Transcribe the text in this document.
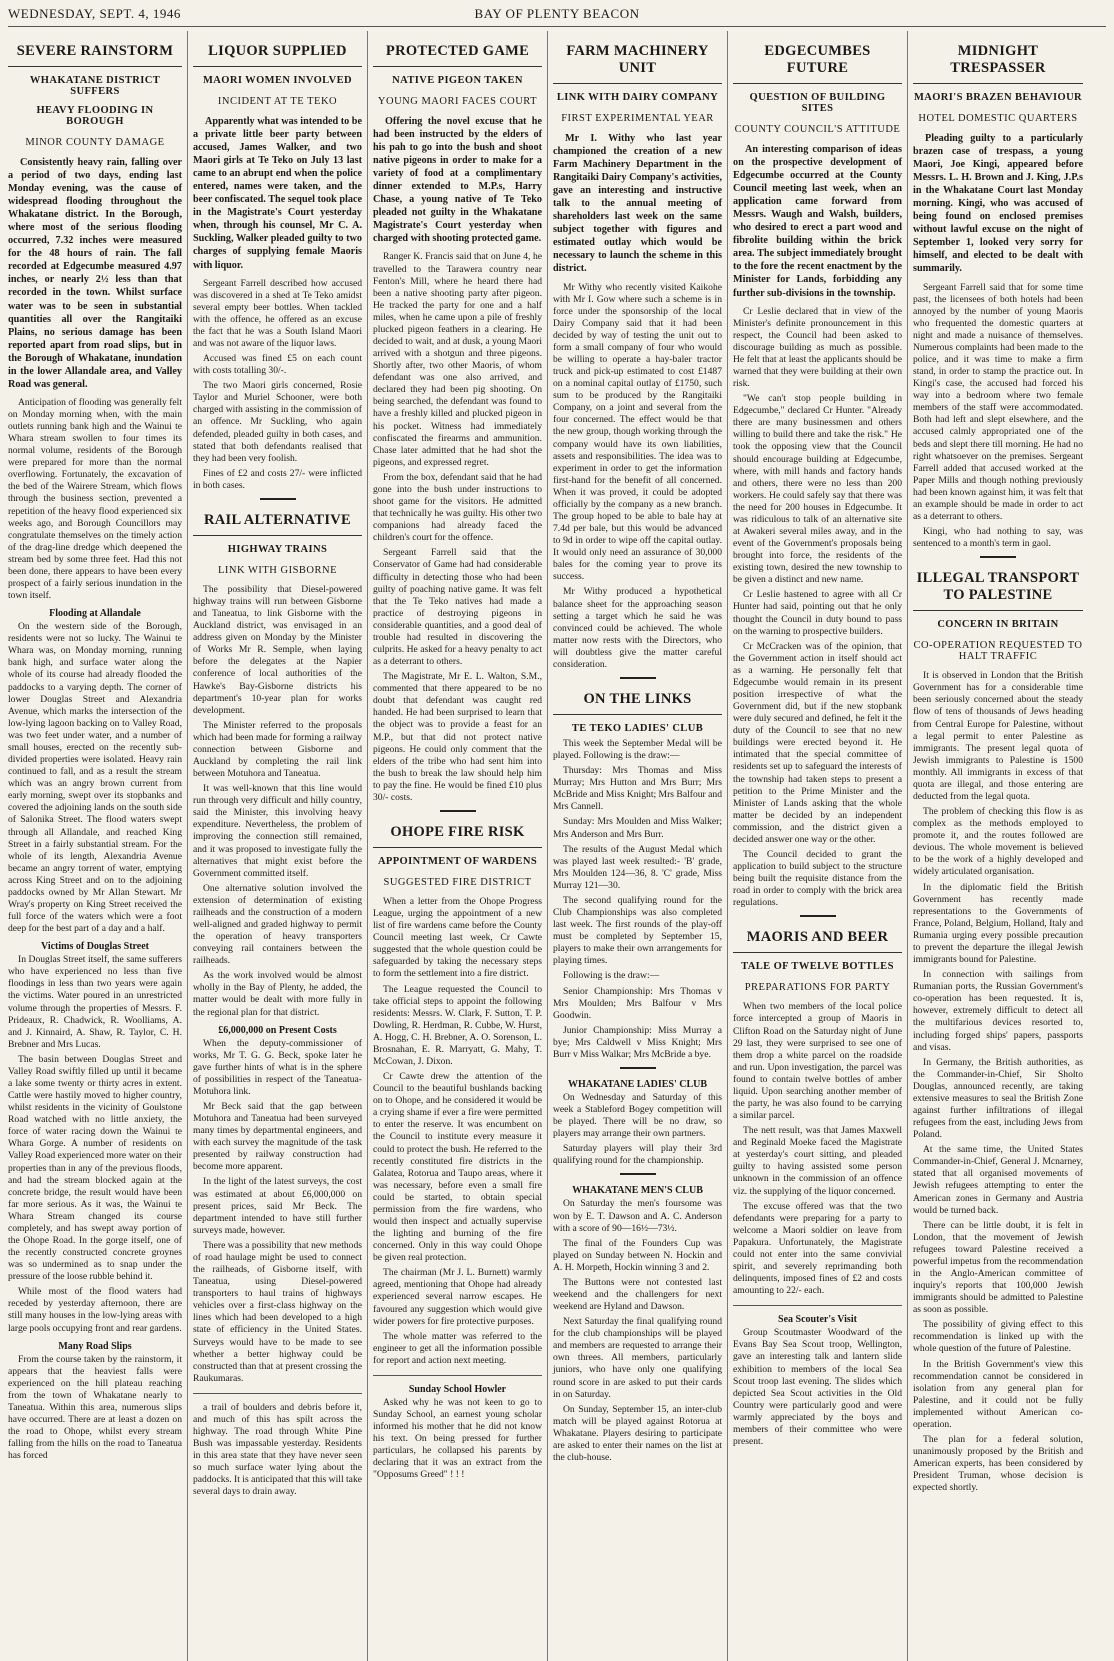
WEDNESDAY, SEPT. 4, 1946	BAY OF PLENTY BEACON
SEVERE RAINSTORM
WHAKATANE DISTRICT SUFFERS
HEAVY FLOODING IN BOROUGH
MINOR COUNTY DAMAGE

Consistently heavy rain, falling over a period of two days, ending last Monday evening, was the cause of widespread flooding throughout the Whakatane district. In the Borough, where most of the serious flooding occurred, 7.32 inches were measured for the 48 hours of rain. The fall recorded at Edgecumbe measured 4.97 inches, or nearly 2½ less than that recorded in the town. Whilst surface water was to be seen in substantial quantities all over the Rangitaiki Plains, no serious damage has been reported apart from road slips, but in the Borough of Whakatane, inundation in the lower Allandale area, and Valley Road was general.

Anticipation of flooding was generally felt on Monday morning when, with the main outlets running bank high and the Wainui te Whara stream swollen to four times its normal volume, residents of the Borough were prepared for more than the normal overflowing. Fortunately, the excavation of the bed of the Wairere Stream, which flows through the business section, prevented a repetition of the heavy flood experienced six weeks ago, and Borough Councillors may congratulate themselves on the timely action of the drag-line dredge which deepened the stream bed by some three feet. Had this not been done, there appears to have been every prospect of a fairly serious inundation in the town itself.

Flooding at Allandale

On the western side of the Borough, residents were not so lucky. The Wainui te Whara was, on Monday morning, running bank high, and surface water along the whole of its course had already flooded the paddocks to a varying depth. The corner of lower Douglas Street and Alexandria Avenue, which marks the intersection of the low-lying lagoon backing on to Valley Road, was two feet under water, and a number of small houses, erected on the recently sub-divided properties were isolated. Heavy rain continued to fall, and as a result the stream which was an angry brown current from early morning, swept over its stopbanks and covered the adjoining lands on the south side of Salonika Street. The flood waters swept through all Allandale, and reached King Street in a fairly substantial stream. For the whole of its length, Alexandria Avenue became an angry torrent of water, emptying across King Street and on to the adjoining paddocks owned by Mr Allan Stewart. Mr Wray's property on King Street received the full force of the waters which were a foot deep for the best part of a day and a half.

Victims of Douglas Street

In Douglas Street itself, the same sufferers who have experienced no less than five floodings in less than two years were again the victims. Water poured in an unrestricted volume through the properties of Messrs. F. Prideaux, R. Chadwick, R. Woolliams, A. and J. Kinnaird, A. Shaw, R. Taylor, C. H. Brebner and Mrs Lucas.

The basin between Douglas Street and Valley Road swiftly filled up until it became a lake some twenty or thirty acres in extent. Cattle were hastily moved to higher country, whilst residents in the vicinity of Goulstone Road watched with no little anxiety, the force of water racing down the Wainui te Whara Gorge. A number of residents on Valley Road experienced more water on their properties than in any of the previous floods, and had the stream blocked again at the concrete bridge, the result would have been far more serious. As it was, the Wainui te Whara Stream changed its course completely, and has swept away portion of the Ohope Road. In the gorge itself, one of the recently constructed concrete groynes was so undermined as to snap under the pressure of the loose rubble behind it.

While most of the flood waters had receded by yesterday afternoon, there are still many houses in the low-lying areas with large pools occupying front and rear gardens.

Many Road Slips

From the course taken by the rainstorm, it appears that the heaviest falls were experienced on the hill plateau reaching from the town of Whakatane nearly to Taneatua. Within this area, numerous slips have occurred. There are at least a dozen on the road to Ohope, whilst every stream falling from the hills on the road to Taneatua has forced

LIQUOR SUPPLIED
MAORI WOMEN INVOLVED
INCIDENT AT TE TEKO

Apparently what was intended to be a private little beer party between accused, James Walker, and two Maori girls at Te Teko on July 13 last came to an abrupt end when the police entered, names were taken, and the beer confiscated. The sequel took place in the Magistrate's Court yesterday when, through his counsel, Mr C. A. Suckling, Walker pleaded guilty to two charges of supplying female Maoris with liquor.

Sergeant Farrell described how accused was discovered in a shed at Te Teko amidst several empty beer bottles. When tackled with the offence, he offered as an excuse the fact that he was a South Island Maori and was not aware of the liquor laws.

Accused was fined £5 on each count with costs totalling 30/-.

The two Maori girls concerned, Rosie Taylor and Muriel Schooner, were both charged with assisting in the commission of an offence. Mr Suckling, who again defended, pleaded guilty in both cases, and stated that both defendants realised that they had been very foolish.

Fines of £2 and costs 27/- were inflicted in both cases.

RAIL ALTERNATIVE
HIGHWAY TRAINS
LINK WITH GISBORNE

The possibility that Diesel-powered highway trains will run between Gisborne and Taneatua, to link Gisborne with the Auckland district, was envisaged in an address given on Monday by the Minister of Works Mr R. Semple, when laying before the delegates at the Napier conference of local authorities of the Hawke's Bay-Gisborne districts his department's 10-year plan for works development.

The Minister referred to the proposals which had been made for forming a railway connection between Gisborne and Auckland by completing the rail link between Motuhora and Taneatua.

It was well-known that this line would run through very difficult and hilly country, said the Minister, this involving heavy expenditure. Nevertheless, the problem of improving the connection still remained, and it was proposed to investigate fully the alternatives that might exist before the Government committed itself.

One alternative solution involved the extension of determination of existing railheads and the construction of a modern well-aligned and graded highway to permit the operation of heavy transporters conveying rail containers between the railheads.

As the work involved would be almost wholly in the Bay of Plenty, he added, the matter would be dealt with more fully in the regional plan for that district.

£6,000,000 on Present Costs

When the deputy-commissioner of works, Mr T. G. G. Beck, spoke later he gave further hints of what is in the sphere of possibilities in respect of the Taneatua-Motuhora link.

Mr Beck said that the gap between Motuhora and Taneatua had been surveyed many times by departmental engineers, and with each survey the magnitude of the task presented by railway construction had become more apparent.

In the light of the latest surveys, the cost was estimated at about £6,000,000 on present prices, said Mr Beck. The department intended to have still further surveys made, however.

There was a possibility that new methods of road haulage might be used to connect the railheads, of Gisborne itself, with Taneatua, using Diesel-powered transporters to haul trains of highways vehicles over a first-class highway on the lines which had been developed to a high state of efficiency in the United States. Surveys would have to be made to see whether a better highway could be constructed than that at present crossing the Raukumaras.

a trail of boulders and debris before it, and much of this has spilt across the highway. The road through White Pine Bush was impassable yesterday. Residents in this area state that they have never seen so much surface water lying about the paddocks. It is anticipated that this will take several days to drain away.

PROTECTED GAME
NATIVE PIGEON TAKEN
YOUNG MAORI FACES COURT

Offering the novel excuse that he had been instructed by the elders of his pah to go into the bush and shoot native pigeons in order to make for a variety of food at a complimentary dinner extended to M.P.s, Harry Chase, a young native of Te Teko pleaded not guilty in the Whakatane Magistrate's Court yesterday when charged with shooting protected game.

Ranger K. Francis said that on June 4, he travelled to the Tarawera country near Fenton's Mill, where he heard there had been a native shooting party after pigeon. He tracked the party for one and a half miles, when he came upon a pile of freshly plucked pigeon feathers in a clearing. He decided to wait, and at dusk, a young Maori arrived with a shotgun and three pigeons. Shortly after, two other Maoris, of whom defendant was one also arrived, and declared they had been pig shooting. On being searched, the defendant was found to have a freshly killed and plucked pigeon in his pocket. Witness had immediately confiscated the firearms and ammunition. Chase later admitted that he had shot the pigeons, and expressed regret.

From the box, defendant said that he had gone into the bush under instructions to shoot game for the visitors. He admitted that technically he was guilty. His other two companions had already faced the children's court for the offence.

Sergeant Farrell said that the Conservator of Game had had considerable difficulty in detecting those who had been guilty of poaching native game. It was felt that the Te Teko natives had made a practice of destroying pigeons in considerable quantities, and a good deal of trouble had resulted in discovering the culprits. He asked for a heavy penalty to act as a deterrant to others.

The Magistrate, Mr E. L. Walton, S.M., commented that there appeared to be no doubt that defendant was caught red handed. He had been surprised to learn that the object was to provide a feast for an M.P., but that did not protect native pigeons. He could only comment that the elders of the tribe who had sent him into the bush to break the law should help him to pay the fine. He would be fined £10 plus 30/- costs.

OHOPE FIRE RISK
APPOINTMENT OF WARDENS
SUGGESTED FIRE DISTRICT

When a letter from the Ohope Progress League, urging the appointment of a new list of fire wardens came before the County Council meeting last week, Cr Cawte suggested that the whole question could be safeguarded by taking the necessary steps to form the settlement into a fire district.

The League requested the Council to take official steps to appoint the following residents: Messrs. W. Clark, F. Sutton, T. P. Dowling, R. Herdman, R. Cubbe, W. Hurst, A. Hogg, C. H. Brebner, A. O. Sorenson, L. Brosnahan, E. R. Marryatt, G. Mahy, T. McCowan, J. Dixon.

Cr Cawte drew the attention of the Council to the beautiful bushlands backing on to Ohope, and he considered it would be a crying shame if ever a fire were permitted to enter the reserve. It was encumbent on the Council to institute every measure it could to protect the bush. He referred to the recently constituted fire districts in the Galatea, Rotorua and Taupo areas, where it was necessary, before even a small fire could be started, to obtain special permission from the fire wardens, who would then inspect and actually supervise the lighting and burning of the fire concerned. Only in this way could Ohope be given real protection.

The chairman (Mr J. L. Burnett) warmly agreed, mentioning that Ohope had already experienced several narrow escapes. He favoured any suggestion which would give wider powers for fire protective purposes.

The whole matter was referred to the engineer to get all the information possible for report and action next meeting.

Sunday School Howler

Asked why he was not keen to go to Sunday School, an earnest young scholar informed his mother that he did not know his text. On being pressed for further particulars, he collapsed his parents by declaring that it was an extract from the "Opposums Greed" ! ! !

FARM MACHINERY UNIT
LINK WITH DAIRY COMPANY
FIRST EXPERIMENTAL YEAR

Mr I. Withy who last year championed the creation of a new Farm Machinery Department in the Rangitaiki Dairy Company's activities, gave an interesting and instructive talk to the annual meeting of shareholders last week on the same subject together with figures and estimated outlay which would be necessary to launch the scheme in this district.

Mr Withy who recently visited Kaikohe with Mr I. Gow where such a scheme is in force under the sponsorship of the local Dairy Company said that it had been decided by way of testing the unit out to form a small company of four who would be willing to operate a hay-baler tractor truck and pick-up estimated to cost £1487 on a nominal capital outlay of £1750, such sum to be produced by the Rangitaiki Company, on a joint and several from the four concerned. The effect would be that the new group, though working through the company would have its own liabilities, assets and responsibilities. The idea was to experiment in order to get the information first-hand for the benefit of all concerned. When it was proved, it could be adopted officially by the company as a new branch. The group hoped to be able to bale hay at 7.4d per bale, but this would be advanced to 9d in order to wipe off the capital outlay. It would only need an assurance of 30,000 bales for the coming year to prove its success.

Mr Withy produced a hypothetical balance sheet for the approaching season setting a target which he said he was convinced could be achieved. The whole matter now rests with the Directors, who will doubtless give the matter careful consideration.

ON THE LINKS
TE TEKO LADIES' CLUB

This week the September Medal will be played. Following is the draw:—

Thursday: Mrs Thomas and Miss Murray; Mrs Hutton and Mrs Burr; Mrs McBride and Miss Knight; Mrs Balfour and Mrs Cannell.

Sunday: Mrs Moulden and Miss Walker; Mrs Anderson and Mrs Burr.

The results of the August Medal which was played last week resulted:- 'B' grade, Mrs Moulden 124—36, 8. 'C' grade, Miss Murray 121—30.

The second qualifying round for the Club Championships was also completed last week. The first rounds of the play-off must be completed by September 15, players to make their own arrangements for playing times.

Following is the draw:—

Senior Championship: Mrs Thomas v Mrs Moulden; Mrs Balfour v Mrs Goodwin.

Junior Championship: Miss Murray a bye; Mrs Caldwell v Miss Knight; Mrs Burr v Miss Walkar; Mrs McBride a bye.

WHAKATANE LADIES' CLUB

On Wednesday and Saturday of this week a Stableford Bogey competition will be played. There will be no draw, so players may arrange their own partners.

Saturday players will play their 3rd qualifying round for the championship.

WHAKATANE MEN'S CLUB

On Saturday the men's foursome was won by E. T. Dawson and A. C. Anderson with a score of 90—16½—73½.

The final of the Founders Cup was played on Sunday between N. Hockin and A. H. Morpeth, Hockin winning 3 and 2.

The Buttons were not contested last weekend and the challengers for next weekend are Hyland and Dawson.

Next Saturday the final qualifying round for the club championships will be played and members are requested to arrange their own threes. All members, particularly juniors, who have only one qualifying round score in are asked to put their cards in on Saturday.

On Sunday, September 15, an inter-club match will be played against Rotorua at Whakatane. Players desiring to participate are asked to enter their names on the list at the club-house.

EDGECUMBES FUTURE
QUESTION OF BUILDING SITES
COUNTY COUNCIL'S ATTITUDE

An interesting comparison of ideas on the prospective development of Edgecumbe occurred at the County Council meeting last week, when an application came forward from Messrs. Waugh and Walsh, builders, who desired to erect a part wood and fibrolite building within the brick area. The subject immediately brought to the fore the recent enactment by the Minister for Lands, forbidding any further sub-divisions in the township.

Cr Leslie declared that in view of the Minister's definite pronouncement in this respect, the Council had been asked to discourage building as much as possible. He felt that at least the applicants should be warned that they were building at their own risk.

"We can't stop people building in Edgecumbe," declared Cr Hunter. "Already there are many businessmen and others willing to build there and take the risk." He took the opposing view that the Council should encourage building at Edgecumbe, where, with mill hands and factory hands and others, there were no less than 200 workers. He could safely say that there was the need for 200 houses in Edgecumbe. It was ridiculous to talk of an alternative site at Awakeri several miles away, and in the event of the Government's proposals being brought into force, the residents of the existing town, desired the new township to be given a distinct and new name.

Cr Leslie hastened to agree with all Cr Hunter had said, pointing out that he only thought the Council in duty bound to pass on the warning to prospective builders.

Cr McCracken was of the opinion, that the Government action in itself should act as a warning. He personally felt that Edgecumbe would remain in its present position irrespective of what the Government did, but if the new stopbank were duly secured and defined, he felt it the duty of the Council to see that no new buildings were erected beyond it. He intimated that the special committee of residents set up to safeguard the interests of the township had taken steps to present a petition to the Prime Minister and the Minister of Lands asking that the whole matter be decided by an independent commission, and the district given a decided answer one way or the other.

The Council decided to grant the application to build subject to the structure being built the requisite distance from the road in order to comply with the brick area regulations.

MAORIS AND BEER
TALE OF TWELVE BOTTLES
PREPARATIONS FOR PARTY

When two members of the local police force intercepted a group of Maoris in Clifton Road on the Saturday night of June 29 last, they were surprised to see one of them drop a white parcel on the roadside and run. Upon investigation, the parcel was found to contain twelve bottles of amber liquid. Upon searching another member of the party, he was also found to be carrying a similar parcel.

The nett result, was that James Maxwell and Reginald Moeke faced the Magistrate at yesterday's court sitting, and pleaded guilty to having assisted some person unknown in the commission of an offence viz. the supplying of the liquor concerned.

The excuse offered was that the two defendants were preparing for a party to welcome a Maori soldier on leave from Papakura. Unfortunately, the Magistrate could not enter into the same convivial spirit, and severely reprimanding both delinquents, imposed fines of £2 and costs amounting to 22/- each.

Sea Scouter's Visit

Group Scoutmaster Woodward of the Evans Bay Sea Scout troop, Wellington, gave an interesting talk and lantern slide exhibition to members of the local Sea Scout troop last evening. The slides which depicted Sea Scout activities in the Old Country were particularly good and were warmly appreciated by the boys and members of their committee who were present.

MIDNIGHT TRESPASSER
MAORI'S BRAZEN BEHAVIOUR
HOTEL DOMESTIC QUARTERS

Pleading guilty to a particularly brazen case of trespass, a young Maori, Joe Kingi, appeared before Messrs. L. H. Brown and J. King, J.P.s in the Whakatane Court last Monday morning. Kingi, who was accused of being found on enclosed premises without lawful excuse on the night of September 1, looked very sorry for himself, and elected to be dealt with summarily.

Sergeant Farrell said that for some time past, the licensees of both hotels had been annoyed by the number of young Maoris who frequented the domestic quarters at night and made a nuisance of themselves. Numerous complaints had been made to the police, and it was time to make a firm stand, in order to stamp the practice out. In Kingi's case, the accused had forced his way into a bedroom where two female members of the staff were accommodated. Both had left and slept elsewhere, and the accused calmly appropriated one of the beds and slept there till morning. He had no right whatsoever on the premises. Sergeant Farrell added that accused worked at the Paper Mills and though nothing previously had been known against him, it was felt that an example should be made in order to act as a deterrant to others.

Kingi, who had nothing to say, was sentenced to a month's term in gaol.

ILLEGAL TRANSPORT TO PALESTINE
CONCERN IN BRITAIN
CO-OPERATION REQUESTED TO HALT TRAFFIC

It is observed in London that the British Government has for a considerable time been seriously concerned about the steady flow of tens of thousands of Jews heading from Central Europe for Palestine, without a legal permit to enter Palestine as immigrants. The present legal quota of Jewish immigrants to Palestine is 1500 monthly. All immigrants in excess of that quota are illegal, and those entering are deducted from the legal quota.

The problem of checking this flow is as complex as the methods employed to promote it, and the routes followed are devious. The whole movement is believed to be the work of a highly developed and widely articulated organisation.

In the diplomatic field the British Government has recently made representations to the Governments of France, Poland, Belgium, Holland, Italy and Rumania urging every possible precaution to prevent the departure the illegal Jewish immigrants bound for Palestine.

In connection with sailings from Rumanian ports, the Russian Government's co-operation has been requested. It is, however, extremely difficult to detect all the multifarious devices resorted to, including forged ships' papers, passports and visas.

In Germany, the British authorities, as the Commander-in-Chief, Sir Sholto Douglas, announced recently, are taking extensive measures to seal the British Zone against further infiltrations of illegal refugees from the east, including Jews from Poland.

At the same time, the United States Commander-in-Chief, General J. Mcnarney, stated that all organised movements of Jewish refugees attempting to enter the American zones in Germany and Austria would be turned back.

There can be little doubt, it is felt in London, that the movement of Jewish refugees toward Palestine received a powerful impetus from the recommendation in the Anglo-American committee of inquiry's reports that 100,000 Jewish immigrants should be admitted to Palestine as soon as possible.

The possibility of giving effect to this recommendation is linked up with the whole question of the future of Palestine.

In the British Government's view this recommendation cannot be considered in isolation from any general plan for Palestine, and it could not be fully implemented without American co-operation.

The plan for a federal solution, unanimously proposed by the British and American experts, has been considered by President Truman, whose decision is expected shortly.
